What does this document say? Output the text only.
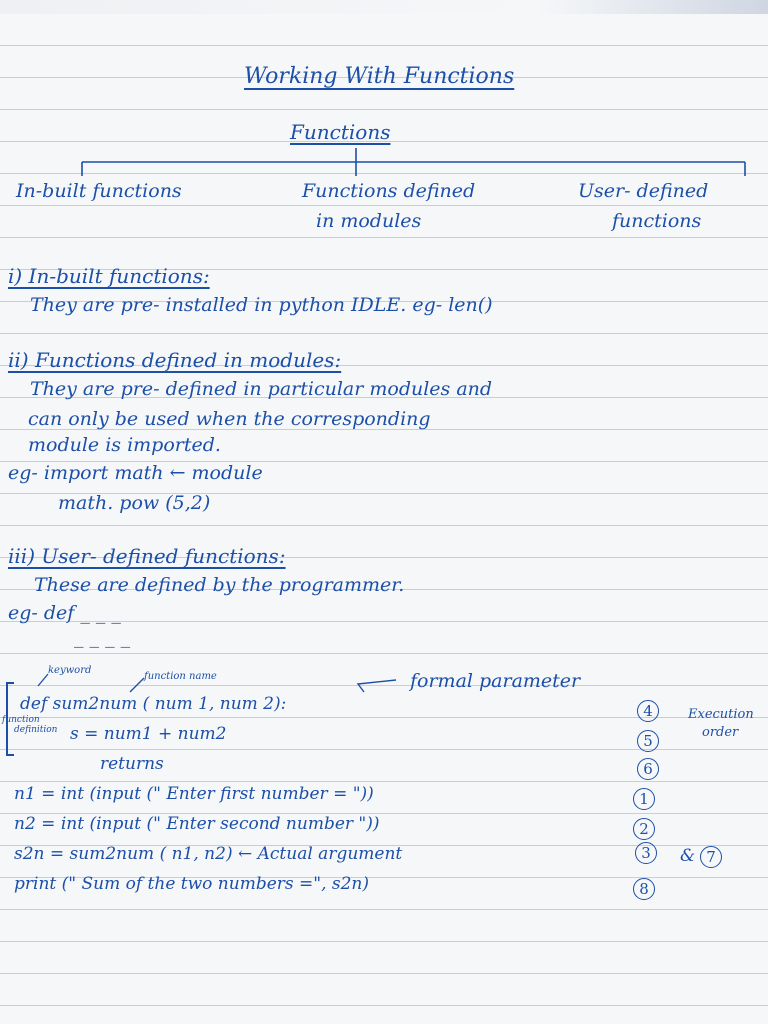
Working With Functions
Functions
In-built functions	Functions defined
in modules
User- defined
functions
i) In-built functions:
They are pre- installed in python IDLE. eg- len()
ii) Functions defined in modules:
They are pre- defined in particular modules and
can only be used when the corresponding
module is imported.
eg- import math ← module
math. pow (5,2)
iii) User- defined functions:
These are defined by the programmer.
eg- def _ _ _
_ _ _ _
keyword
function name	formal parameter
function
definition
def sum2num ( num 1, num 2):
s = num1 + num2
returns
n1 = int (input (" Enter first number = "))
n2 = int (input (" Enter second number "))
s2n = sum2num ( n1, n2) ← Actual argument
print (" Sum of the two numbers =", s2n)
Execution
order
4
5
6
1
2
3	& 7
8
